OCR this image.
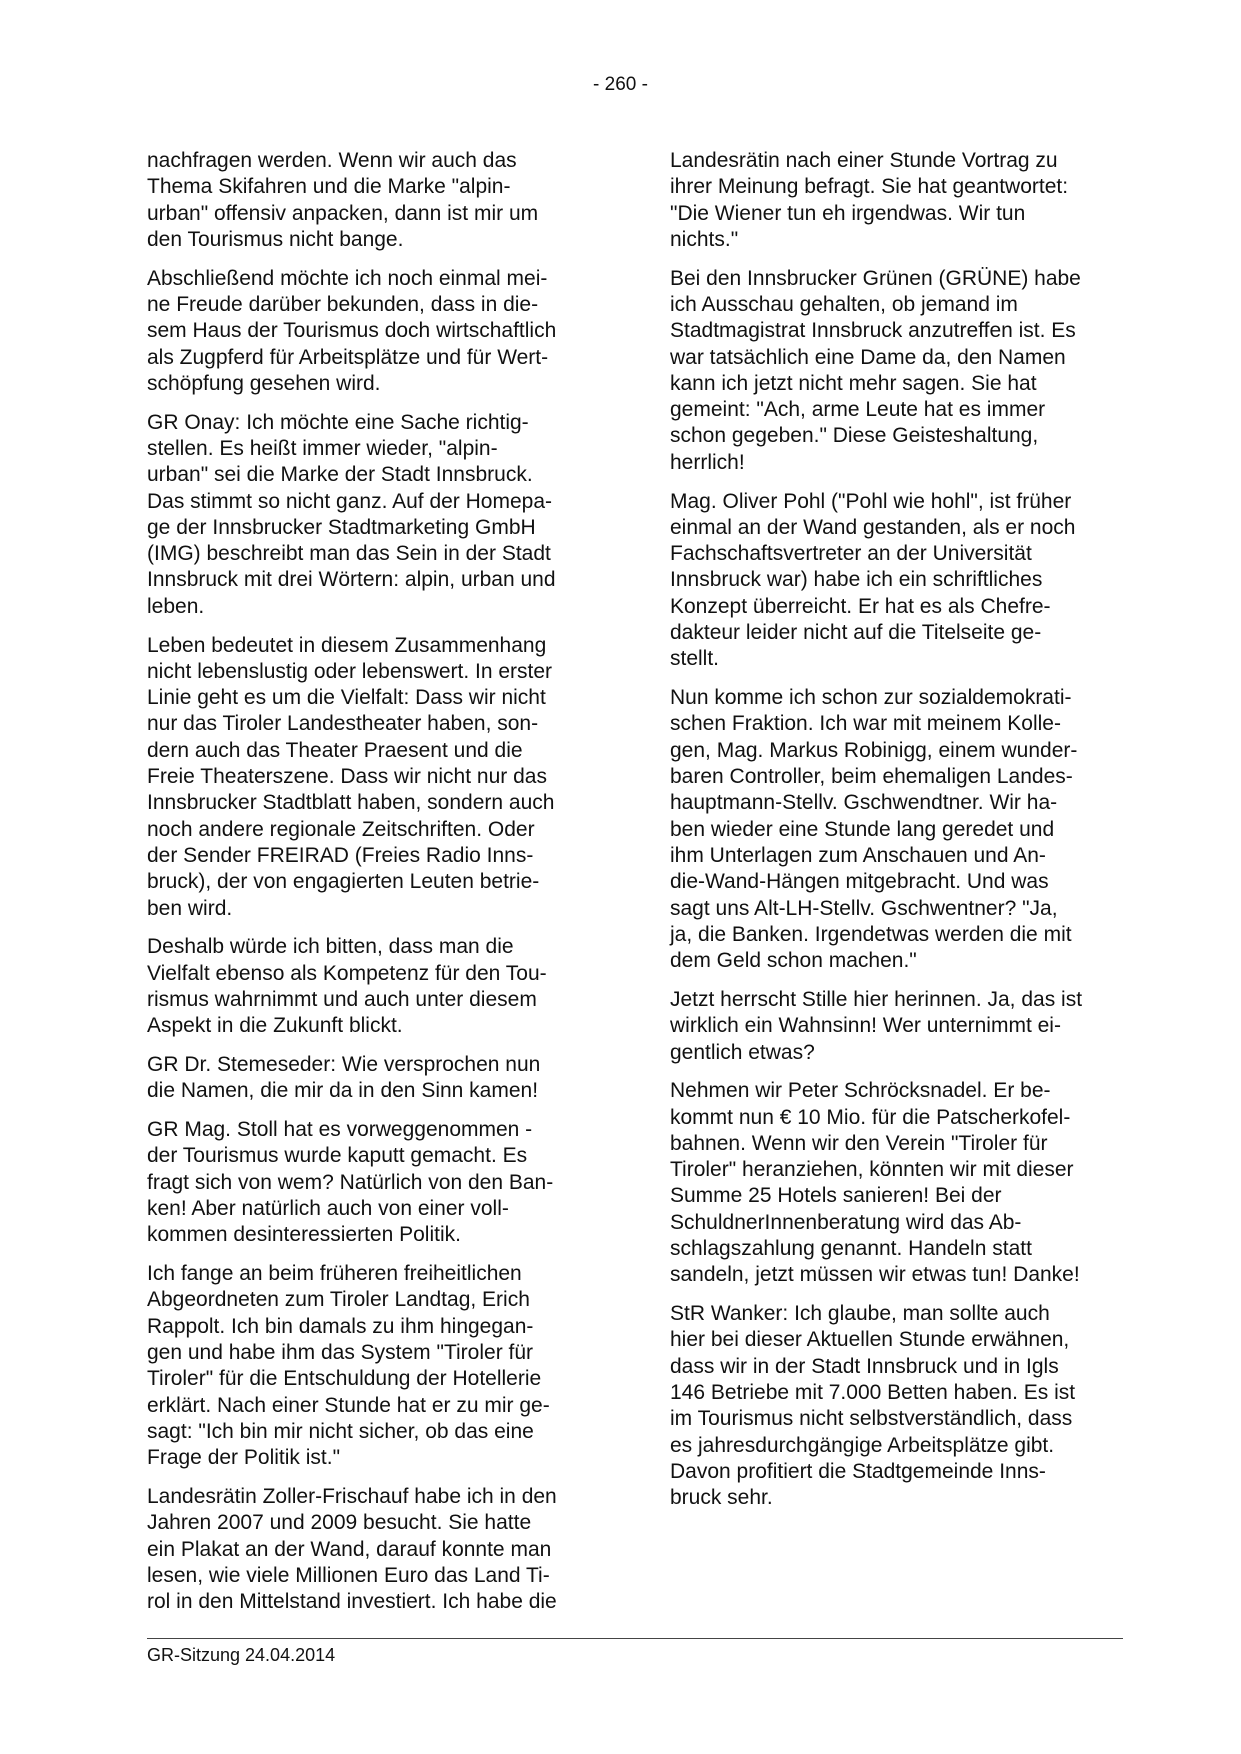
- 260 -

nachfragen werden. Wenn wir auch das
Thema Skifahren und die Marke "alpin-
urban" offensiv anpacken, dann ist mir um
den Tourismus nicht bange.

Abschließend möchte ich noch einmal mei-
ne Freude darüber bekunden, dass in die-
sem Haus der Tourismus doch wirtschaftlich
als Zugpferd für Arbeitsplätze und für Wert-
schöpfung gesehen wird.

GR Onay: Ich möchte eine Sache richtig-
stellen. Es heißt immer wieder, "alpin-
urban" sei die Marke der Stadt Innsbruck.
Das stimmt so nicht ganz. Auf der Homepa-
ge der Innsbrucker Stadtmarketing GmbH
(IMG) beschreibt man das Sein in der Stadt
Innsbruck mit drei Wörtern: alpin, urban und
leben.

Leben bedeutet in diesem Zusammenhang
nicht lebenslustig oder lebenswert. In erster
Linie geht es um die Vielfalt: Dass wir nicht
nur das Tiroler Landestheater haben, son-
dern auch das Theater Praesent und die
Freie Theaterszene. Dass wir nicht nur das
Innsbrucker Stadtblatt haben, sondern auch
noch andere regionale Zeitschriften. Oder
der Sender FREIRAD (Freies Radio Inns-
bruck), der von engagierten Leuten betrie-
ben wird.

Deshalb würde ich bitten, dass man die
Vielfalt ebenso als Kompetenz für den Tou-
rismus wahrnimmt und auch unter diesem
Aspekt in die Zukunft blickt.

GR Dr. Stemeseder: Wie versprochen nun
die Namen, die mir da in den Sinn kamen!

GR Mag. Stoll hat es vorweggenommen -
der Tourismus wurde kaputt gemacht. Es
fragt sich von wem? Natürlich von den Ban-
ken! Aber natürlich auch von einer voll-
kommen desinteressierten Politik.

Ich fange an beim früheren freiheitlichen
Abgeordneten zum Tiroler Landtag, Erich
Rappolt. Ich bin damals zu ihm hingegan-
gen und habe ihm das System "Tiroler für
Tiroler" für die Entschuldung der Hotellerie
erklärt. Nach einer Stunde hat er zu mir ge-
sagt: "Ich bin mir nicht sicher, ob das eine
Frage der Politik ist."

Landesrätin Zoller-Frischauf habe ich in den
Jahren 2007 und 2009 besucht. Sie hatte
ein Plakat an der Wand, darauf konnte man
lesen, wie viele Millionen Euro das Land Ti-
rol in den Mittelstand investiert. Ich habe die

Landesrätin nach einer Stunde Vortrag zu
ihrer Meinung befragt. Sie hat geantwortet:
"Die Wiener tun eh irgendwas. Wir tun
nichts."

Bei den Innsbrucker Grünen (GRÜNE) habe
ich Ausschau gehalten, ob jemand im
Stadtmagistrat Innsbruck anzutreffen ist. Es
war tatsächlich eine Dame da, den Namen
kann ich jetzt nicht mehr sagen. Sie hat
gemeint: "Ach, arme Leute hat es immer
schon gegeben." Diese Geisteshaltung,
herrlich!

Mag. Oliver Pohl ("Pohl wie hohl", ist früher
einmal an der Wand gestanden, als er noch
Fachschaftsvertreter an der Universität
Innsbruck war) habe ich ein schriftliches
Konzept überreicht. Er hat es als Chefre-
dakteur leider nicht auf die Titelseite ge-
stellt.

Nun komme ich schon zur sozialdemokrati-
schen Fraktion. Ich war mit meinem Kolle-
gen, Mag. Markus Robinigg, einem wunder-
baren Controller, beim ehemaligen Landes-
hauptmann-Stellv. Gschwendtner. Wir ha-
ben wieder eine Stunde lang geredet und
ihm Unterlagen zum Anschauen und An-
die-Wand-Hängen mitgebracht. Und was
sagt uns Alt-LH-Stellv. Gschwentner? "Ja,
ja, die Banken. Irgendetwas werden die mit
dem Geld schon machen."

Jetzt herrscht Stille hier herinnen. Ja, das ist
wirklich ein Wahnsinn! Wer unternimmt ei-
gentlich etwas?

Nehmen wir Peter Schröcksnadel. Er be-
kommt nun € 10 Mio. für die Patscherkofel-
bahnen. Wenn wir den Verein "Tiroler für
Tiroler" heranziehen, könnten wir mit dieser
Summe 25 Hotels sanieren! Bei der
SchuldnerInnenberatung wird das Ab-
schlagszahlung genannt. Handeln statt
sandeln, jetzt müssen wir etwas tun! Danke!

StR Wanker: Ich glaube, man sollte auch
hier bei dieser Aktuellen Stunde erwähnen,
dass wir in der Stadt Innsbruck und in Igls
146 Betriebe mit 7.000 Betten haben. Es ist
im Tourismus nicht selbstverständlich, dass
es jahresdurchgängige Arbeitsplätze gibt.
Davon profitiert die Stadtgemeinde Inns-
bruck sehr.

GR-Sitzung 24.04.2014
